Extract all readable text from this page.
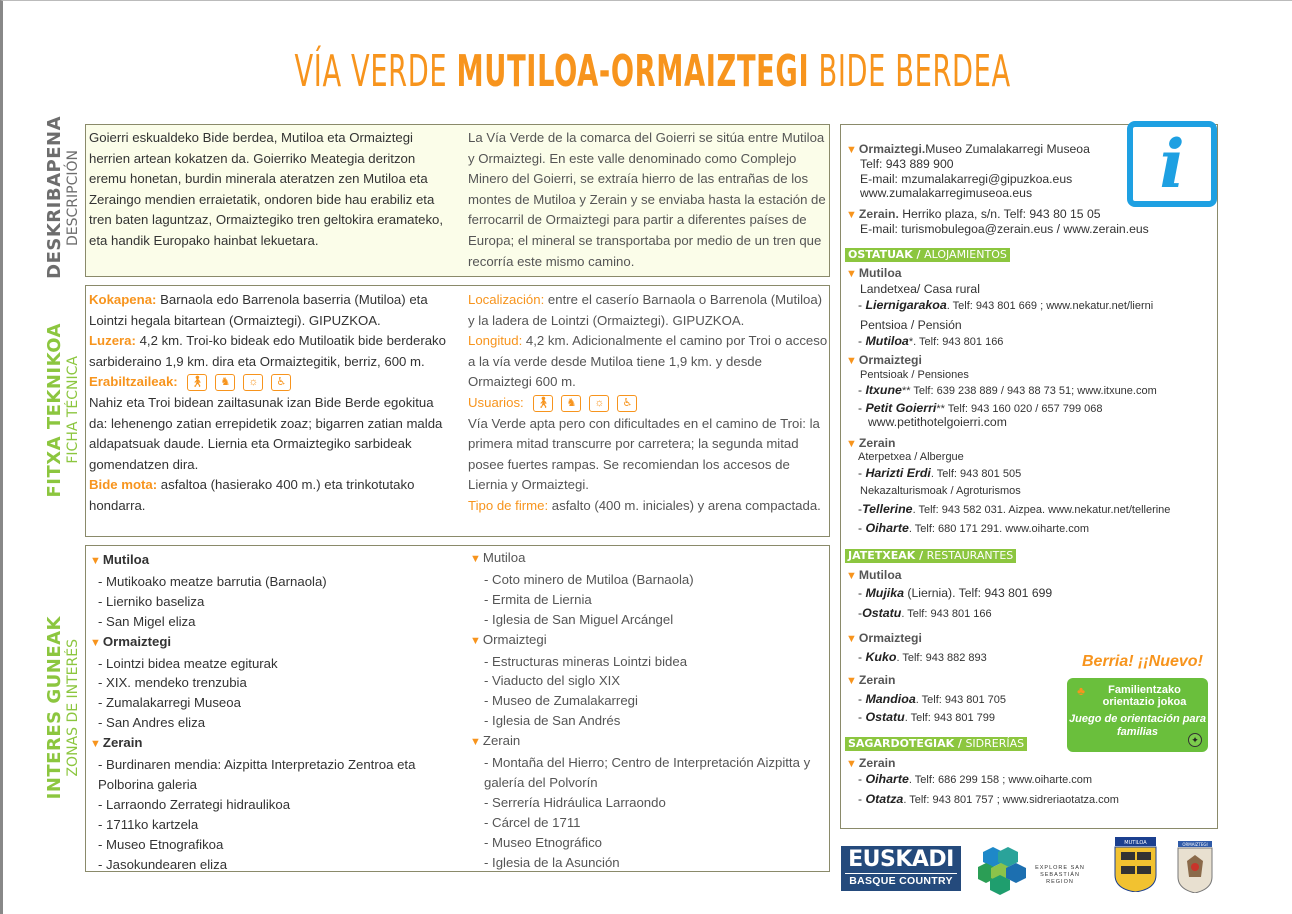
VÍA VERDE MUTILOA-ORMAIZTEGI BIDE BERDEA
DESKRIBAPENA DESCRIPCIÓN
FITXA TEKNIKOA FICHA TÉCNICA
INTERES GUNEAK ZONAS DE INTERÉS
Goierri eskualdeko Bide berdea, Mutiloa eta Ormaiztegi herrien artean kokatzen da. Goierriko Meategia deritzon eremu honetan, burdin minerala ateratzen zen Mutiloa eta Zeraingo mendien erraietatik, ondoren bide hau erabiliz eta tren baten laguntzaz, Ormaiztegiko tren geltokira eramateko, eta handik Europako hainbat lekuetara.
La Vía Verde de la comarca del Goierri se sitúa entre Mutiloa y Ormaiztegi. En este valle denominado como Complejo Minero del Goierri, se extraía hierro de las entrañas de los montes de Mutiloa y Zerain y se enviaba hasta la estación de ferrocarril de Ormaiztegi para partir a diferentes países de Europa; el mineral se transportaba por medio de un tren que recorría este mismo camino.
Kokapena: Barnaola edo Barrenola baserria (Mutiloa) eta Lointzi hegala bitartean (Ormaiztegi). GIPUZKOA.
Luzera: 4,2 km. Troi-ko bideak edo Mutiloatik bide berderako sarbideraino 1,9 km. dira eta Ormaiztegitik, berriz, 600 m.
Erabiltzaileak: 🚶︎	♞	☼	♿︎

Nahiz eta Troi bidean zailtasunak izan Bide Berde egokitua da: lehenengo zatian errepidetik zoaz; bigarren zatian malda aldapatsuak daude. Liernia eta Ormaiztegiko sarbideak gomendatzen dira.
Bide mota: asfaltoa (hasierako 400 m.) eta trinkotutako hondarra.
Localización: entre el caserío Barnaola o Barrenola (Mutiloa) y la ladera de Lointzi (Ormaiztegi). GIPUZKOA.
Longitud: 4,2 km. Adicionalmente el camino por Troi o acceso a la vía verde desde Mutiloa tiene 1,9 km. y desde Ormaiztegi 600 m.
Usuarios: 🚶︎	♞	☼	♿︎

Vía Verde apta pero con dificultades en el camino de Troi: la primera mitad transcurre por carretera; la segunda mitad posee fuertes rampas. Se recomiendan los accesos de Liernia y Ormaiztegi.
Tipo de firme: asfalto (400 m. iniciales) y arena compactada.
▼ Mutiloa
- Mutikoako meatze barrutia (Barnaola)
- Lierniko baseliza
- San Migel eliza
▼ Ormaiztegi
- Lointzi bidea meatze egiturak
- XIX. mendeko trenzubia
- Zumalakarregi Museoa
- San Andres eliza
▼ Zerain
- Burdinaren mendia: Aizpitta Interpretazio Zentroa eta Polborina galeria
- Larraondo Zerrategi hidraulikoa
- 1711ko kartzela
- Museo Etnografikoa
- Jasokundearen eliza
▼ Mutiloa
- Coto minero de Mutiloa (Barnaola)
- Ermita de Liernia
- Iglesia de San Miguel Arcángel
▼ Ormaiztegi
- Estructuras mineras Lointzi bidea
- Viaducto del siglo XIX
- Museo de Zumalakarregi
- Iglesia de San Andrés
▼ Zerain
- Montaña del Hierro; Centro de Interpretación Aizpitta y galería del Polvorín
- Serrería Hidráulica Larraondo
- Cárcel de 1711
- Museo Etnográfico
- Iglesia de la Asunción
i
▼ Ormaiztegi.Museo Zumalakarregi Museoa
Telf: 943 889 900
E-mail: mzumalakarregi@gipuzkoa.eus
www.zumalakarregimuseoa.eus
▼ Zerain. Herriko plaza, s/n. Telf: 943 80 15 05
E-mail: turismobulegoa@zerain.eus / www.zerain.eus
OSTATUAK / ALOJAMIENTOS
▼ Mutiloa
Landetxea/ Casa rural
- Liernigarakoa. Telf: 943 801 669 ; www.nekatur.net/lierni
Pentsioa / Pensión
- Mutiloa*. Telf: 943 801 166
▼ Ormaiztegi
Pentsioak / Pensiones
- Itxune** Telf: 639 238 889 / 943 88 73 51; www.itxune.com
- Petit Goierri** Telf: 943 160 020 / 657 799 068
www.petithotelgoierri.com
▼ Zerain
Aterpetxea / Albergue
- Harizti Erdi. Telf: 943 801 505
Nekazalturismoak / Agroturismos
-Tellerine. Telf: 943 582 031. Aizpea. www.nekatur.net/tellerine
- Oiharte. Telf: 680 171 291. www.oiharte.com
JATETXEAK / RESTAURANTES
▼ Mutiloa
- Mujika (Liernia). Telf: 943 801 699
-Ostatu. Telf: 943 801 166
▼ Ormaiztegi
- Kuko. Telf: 943 882 893
▼ Zerain
- Mandioa. Telf: 943 801 705
- Ostatu. Telf: 943 801 799
SAGARDOTEGIAK / SIDRERÍAS
▼ Zerain
- Oiharte. Telf: 686 299 158 ; www.oiharte.com
- Otatza. Telf: 943 801 757 ; www.sidreriaotatza.com
Berria! ¡¡Nuevo!
♣	Familientzako orientazio jokoa
Juego de orientación para familias
✦
EUSKADI
BASQUE COUNTRY
EXPLORE SAN SEBASTIÁN REGION
MUTILOA	ORMAIZTEGI
